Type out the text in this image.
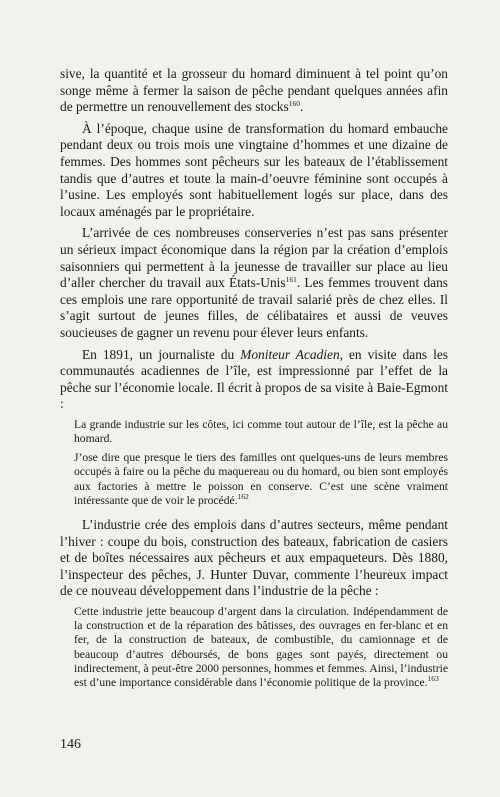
sive, la quantité et la grosseur du homard diminuent à tel point qu’on songe même à fermer la saison de pêche pendant quelques années afin de permettre un renouvellement des stocks$^{160}$.

À l’époque, chaque usine de transformation du homard embauche pendant deux ou trois mois une vingtaine d’hommes et une dizaine de femmes. Des hommes sont pêcheurs sur les bateaux de l’établissement tandis que d’autres et toute la main-d’oeuvre féminine sont occupés à l’usine. Les employés sont habituellement logés sur place, dans des locaux aménagés par le propriétaire.

L’arrivée de ces nombreuses conserveries n’est pas sans présenter un sérieux impact économique dans la région par la création d’emplois saisonniers qui permettent à la jeunesse de travailler sur place au lieu d’aller chercher du travail aux États-Unis$^{161}$. Les femmes trouvent dans ces emplois une rare opportunité de travail salarié près de chez elles. Il s’agit surtout de jeunes filles, de célibataires et aussi de veuves soucieuses de gagner un revenu pour élever leurs enfants.

En 1891, un journaliste du Moniteur Acadien, en visite dans les communautés acadiennes de l’île, est impressionné par l’effet de la pêche sur l’économie locale. Il écrit à propos de sa visite à Baie-Egmont :

La grande industrie sur les côtes, ici comme tout autour de l’île, est la pêche au homard.

J’ose dire que presque le tiers des familles ont quelques-uns de leurs membres occupés à faire ou la pêche du maquereau ou du homard, ou bien sont employés aux factories à mettre le poisson en conserve. C’est une scène vraiment intéressante que de voir le procédé.$^{162}$

L’industrie crée des emplois dans d’autres secteurs, même pendant l’hiver : coupe du bois, construction des bateaux, fabrication de casiers et de boîtes nécessaires aux pêcheurs et aux empaqueteurs. Dès 1880, l’inspecteur des pêches, J. Hunter Duvar, commente l’heureux impact de ce nouveau développement dans l’industrie de la pêche :

Cette industrie jette beaucoup d’argent dans la circulation. Indépendamment de la construction et de la réparation des bâtisses, des ouvrages en fer-blanc et en fer, de la construction de bateaux, de combustible, du camionnage et de beaucoup d’autres déboursés, de bons gages sont payés, directement ou indirectement, à peut-être 2000 personnes, hommes et femmes. Ainsi, l’industrie est d’une importance considérable dans l’économie politique de la province.$^{163}$

146
